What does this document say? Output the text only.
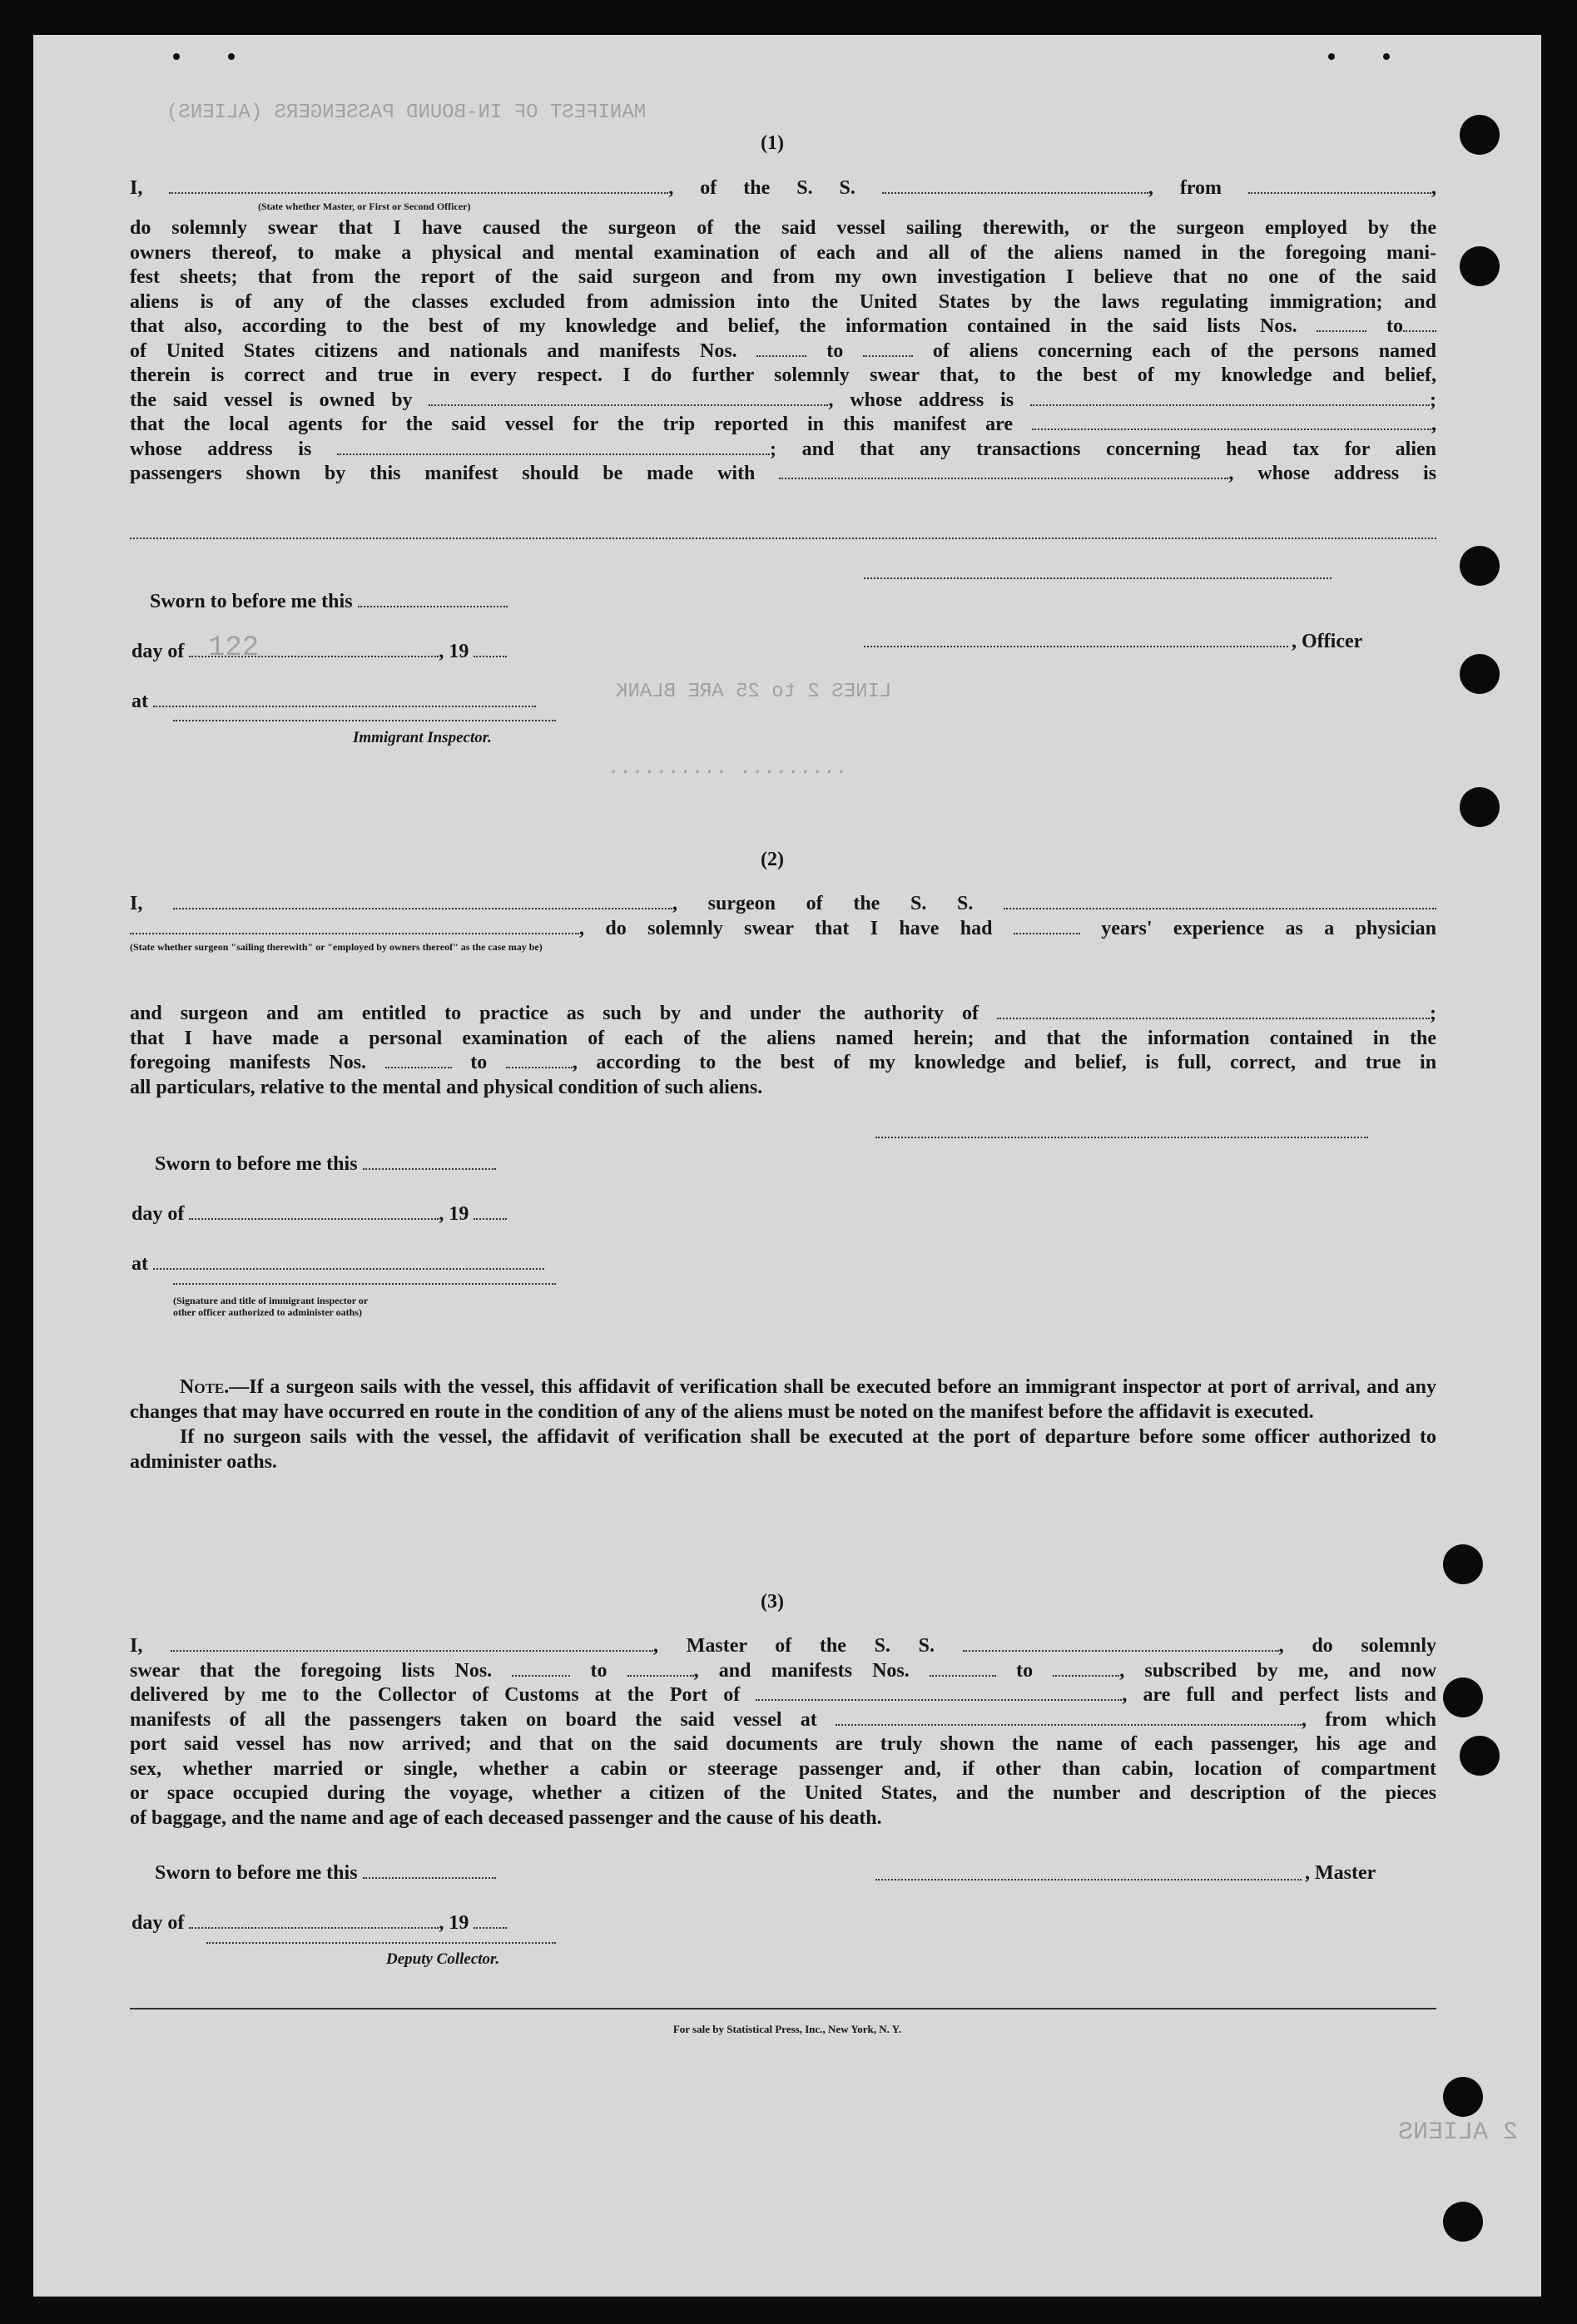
MANIFEST OF IN-BOUND PASSENGERS (ALIENS)
LINES 2 to 25 ARE BLANK
122
.......... .........
2 ALIENS
(1)

I,	, of the S. S.	, from	,

(State whether Master, or First or Second Officer)

do solemnly swear that I have caused the surgeon of the said vessel sailing therewith, or the surgeon employed by the

owners thereof, to make a physical and mental examination of each and all of the aliens named in the foregoing mani-

fest sheets; that from the report of the said surgeon and from my own investigation I believe that no one of the said

aliens is of any of the classes excluded from admission into the United States by the laws regulating immigration; and

that also, according to the best of my knowledge and belief, the information contained in the said lists Nos.	to

of United States citizens and nationals and manifests Nos.	to	of aliens concerning each of the persons named

therein is correct and true in every respect. I do further solemnly swear that, to the best of my knowledge and belief,

the said vessel is owned by	, whose address is	;

that the local agents for the said vessel for the trip reported in this manifest are	,

whose address is	; and that any transactions concerning head tax for alien

passengers shown by this manifest should be made with	, whose address is

Sworn to before me this
day of	, 19
at
Immigrant Inspector.
, Officer
(2)

I,	, surgeon of the S. S.

, do solemnly swear that I have had	years' experience as a physician

(State whether surgeon "sailing therewith" or "employed by owners thereof" as the case may be)

and surgeon and am entitled to practice as such by and under the authority of	;

that I have made a personal examination of each of the aliens named herein; and that the information contained in the

foregoing manifests Nos.	to	, according to the best of my knowledge and belief, is full, correct, and true in

all particulars, relative to the mental and physical condition of such aliens.

Sworn to before me this
day of	, 19
at
(Signature and title of immigrant inspector or
other officer authorized to administer oaths)

Note.—If a surgeon sails with the vessel, this affidavit of verification shall be executed before an immigrant inspector at port of arrival, and any changes that may have occurred en route in the condition of any of the aliens must be noted on the manifest before the affidavit is executed.

If no surgeon sails with the vessel, the affidavit of verification shall be executed at the port of departure before some officer authorized to administer oaths.

(3)

I,	, Master of the S. S.	, do solemnly

swear that the foregoing lists Nos.	to	, and manifests Nos.	to	, subscribed by me, and now

delivered by me to the Collector of Customs at the Port of	, are full and perfect lists and

manifests of all the passengers taken on board the said vessel at	, from which

port said vessel has now arrived; and that on the said documents are truly shown the name of each passenger, his age and

sex, whether married or single, whether a cabin or steerage passenger and, if other than cabin, location of compartment

or space occupied during the voyage, whether a citizen of the United States, and the number and description of the pieces

of baggage, and the name and age of each deceased passenger and the cause of his death.

Sworn to before me this
day of	, 19
Deputy Collector.
, Master
For sale by Statistical Press, Inc., New York, N. Y.
